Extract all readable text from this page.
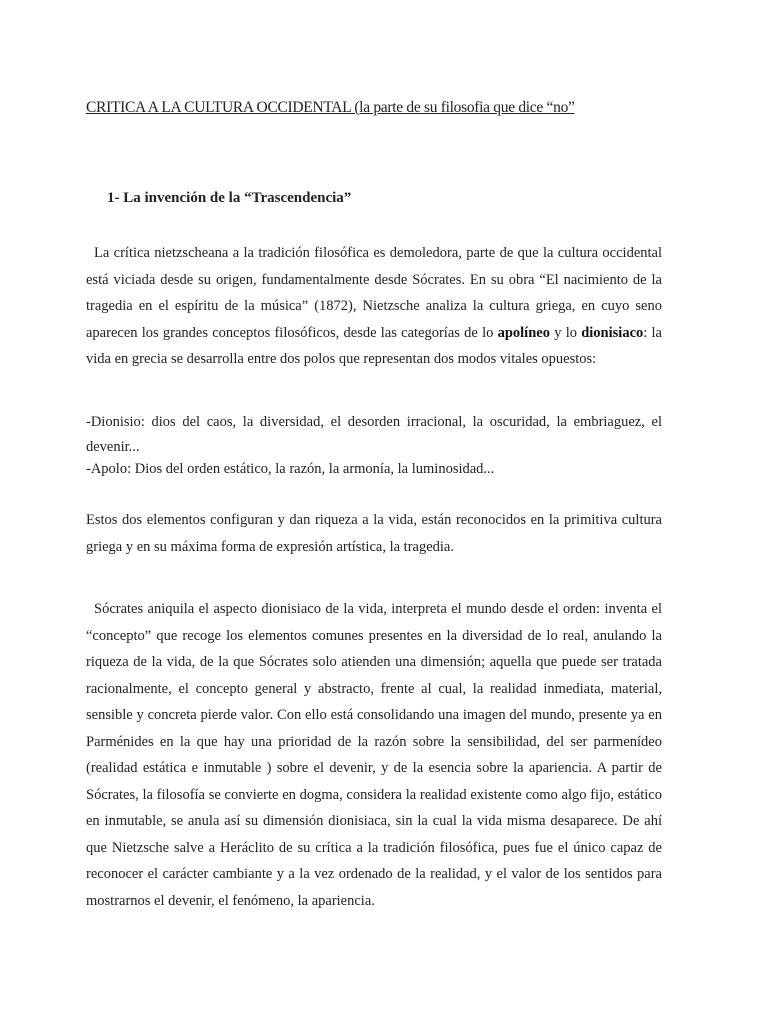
CRITICA A LA CULTURA OCCIDENTAL (la parte de su filosofia que dice “no”
1- La invención de la “Trascendencia”

La crítica nietzscheana a la tradición filosófica es demoledora, parte de que la cultura occidental está viciada desde su origen, fundamentalmente desde Sócrates. En su obra “El nacimiento de la tragedia en el espíritu de la música” (1872), Nietzsche analiza la cultura griega, en cuyo seno aparecen los grandes conceptos filosóficos, desde las categorías de lo apolíneo y lo dionisiaco: la vida en grecia se desarrolla entre dos polos que representan dos modos vitales opuestos:

-Dionisio: dios del caos, la diversidad, el desorden irracional, la oscuridad, la embriaguez, el devenir...

-Apolo: Dios del orden estático, la razón, la armonía, la luminosidad...

Estos dos elementos configuran y dan riqueza a la vida, están reconocidos en la primitiva cultura griega y en su máxima forma de expresión artística, la tragedia.

Sócrates aniquila el aspecto dionisiaco de la vida, interpreta el mundo desde el orden: inventa el “concepto” que recoge los elementos comunes presentes en la diversidad de lo real, anulando la riqueza de la vida, de la que Sócrates solo atienden una dimensión; aquella que puede ser tratada racionalmente, el concepto general y abstracto, frente al cual, la realidad inmediata, material, sensible y concreta pierde valor. Con ello está consolidando una imagen del mundo, presente ya en Parménides en la que hay una prioridad de la razón sobre la sensibilidad, del ser parmenídeo (realidad estática e inmutable ) sobre el devenir, y de la esencia sobre la apariencia. A partir de Sócrates, la filosofía se convierte en dogma, considera la realidad existente como algo fijo, estático en inmutable, se anula así su dimensión dionisiaca, sin la cual la vida misma desaparece. De ahí que Nietzsche salve a Heráclito de su crítica a la tradición filosófica, pues fue el único capaz de reconocer el carácter cambiante y a la vez ordenado de la realidad, y el valor de los sentidos para mostrarnos el devenir, el fenómeno, la apariencia.
